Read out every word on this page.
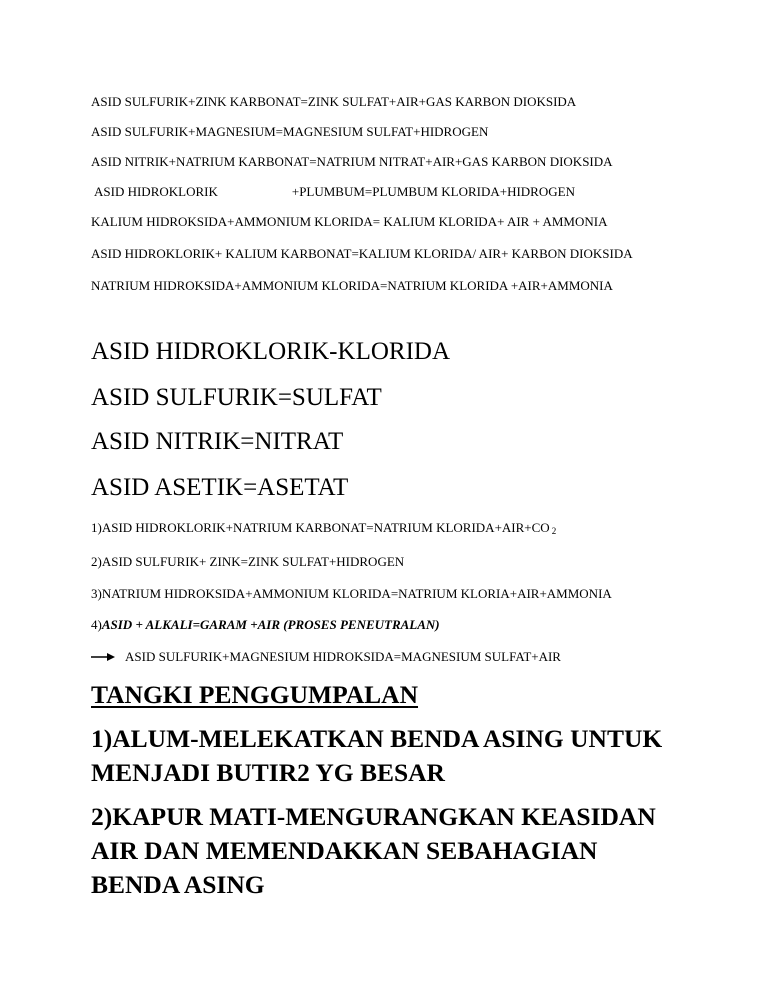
ASID SULFURIK+ZINK KARBONAT=ZINK SULFAT+AIR+GAS KARBON DIOKSIDA

ASID SULFURIK+MAGNESIUM=MAGNESIUM SULFAT+HIDROGEN

ASID NITRIK+NATRIUM KARBONAT=NATRIUM NITRAT+AIR+GAS KARBON DIOKSIDA

ASID HIDROKLORIK	+PLUMBUM=PLUMBUM KLORIDA+HIDROGEN

KALIUM HIDROKSIDA+AMMONIUM KLORIDA= KALIUM KLORIDA+ AIR + AMMONIA

ASID HIDROKLORIK+ KALIUM KARBONAT=KALIUM KLORIDA/ AIR+ KARBON DIOKSIDA

NATRIUM HIDROKSIDA+AMMONIUM KLORIDA=NATRIUM KLORIDA +AIR+AMMONIA

ASID HIDROKLORIK-KLORIDA

ASID SULFURIK=SULFAT

ASID NITRIK=NITRAT

ASID ASETIK=ASETAT

1)ASID HIDROKLORIK+NATRIUM KARBONAT=NATRIUM KLORIDA+AIR+CO $_2$

2)ASID SULFURIK+ ZINK=ZINK SULFAT+HIDROGEN

3)NATRIUM HIDROKSIDA+AMMONIUM KLORIDA=NATRIUM KLORIA+AIR+AMMONIA

4)ASID + ALKALI=GARAM +AIR (PROSES PENEUTRALAN)

ASID SULFURIK+MAGNESIUM HIDROKSIDA=MAGNESIUM SULFAT+AIR

TANGKI PENGGUMPALAN

1)ALUM-MELEKATKAN BENDA ASING UNTUK

MENJADI BUTIR2 YG BESAR

2)KAPUR MATI-MENGURANGKAN KEASIDAN

AIR DAN MEMENDAKKAN SEBAHAGIAN

BENDA ASING
